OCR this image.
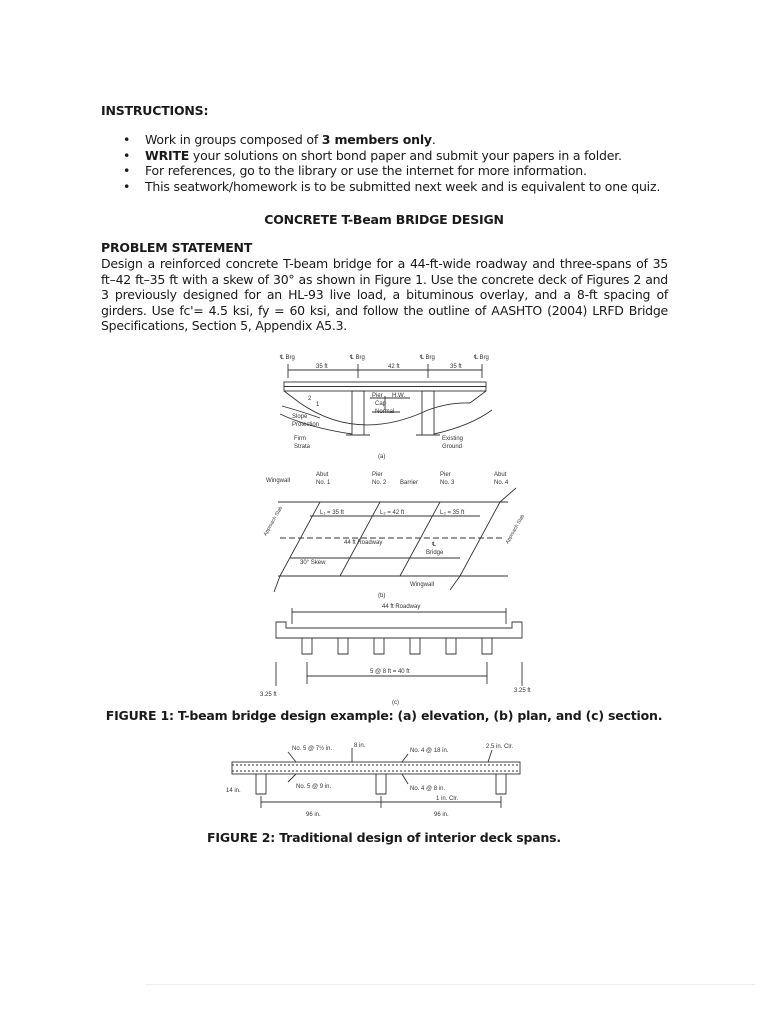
INSTRUCTIONS:
• Work in groups composed of 3 members only.
• WRITE your solutions on short bond paper and submit your papers in a folder.
• For references, go to the library or use the internet for more information.
• This seatwork/homework is to be submitted next week and is equivalent to one quiz.
CONCRETE T-Beam BRIDGE DESIGN
PROBLEM STATEMENT
Design a reinforced concrete T-beam bridge for a 44-ft-wide roadway and three-spans of 35 ft–42 ft–35 ft with a skew of 30° as shown in Figure 1. Use the concrete deck of Figures 2 and 3 previously designed for an HL-93 live load, a bituminous overlay, and a 8-ft spacing of girders. Use fc'= 4.5 ksi, fy = 60 ksi, and follow the outline of AASHTO (2004) LRFD Bridge Specifications, Section 5, Appendix A5.3.
℄ Brg	℄ Brg	℄ Brg	℄ Brg
35 ft	42 ft	35 ft
Pier
Cap
H.W.
Normal
2
1
Slope
Protection
Firm
Strata
Existing
Ground
(a)
Wingwall
Abut
No. 1
Pier
No. 2 Barrier
Pier
No. 3
Abut
No. 4
L₁ = 35 ft	L₂ = 42 ft	L₃ = 35 ft
44 ft Roadway	℄
Bridge
30° Skew
Wingwall
(b)
Approach Slab	Approach Slab
44 ft Roadway
5 @ 8 ft = 40 ft
3.25 ft
3.25 ft
(c)
FIGURE 1: T-beam bridge design example: (a) elevation, (b) plan, and (c) section.
No. 5 @ 7½ in.	8 in.
No. 4 @ 18 in.
2.5 in. Clr.
No. 5 @ 9 in.	No. 4 @ 8 in.
1 in. Clr.
14 in.
96 in.	96 in.
FIGURE 2: Traditional design of interior deck spans.
